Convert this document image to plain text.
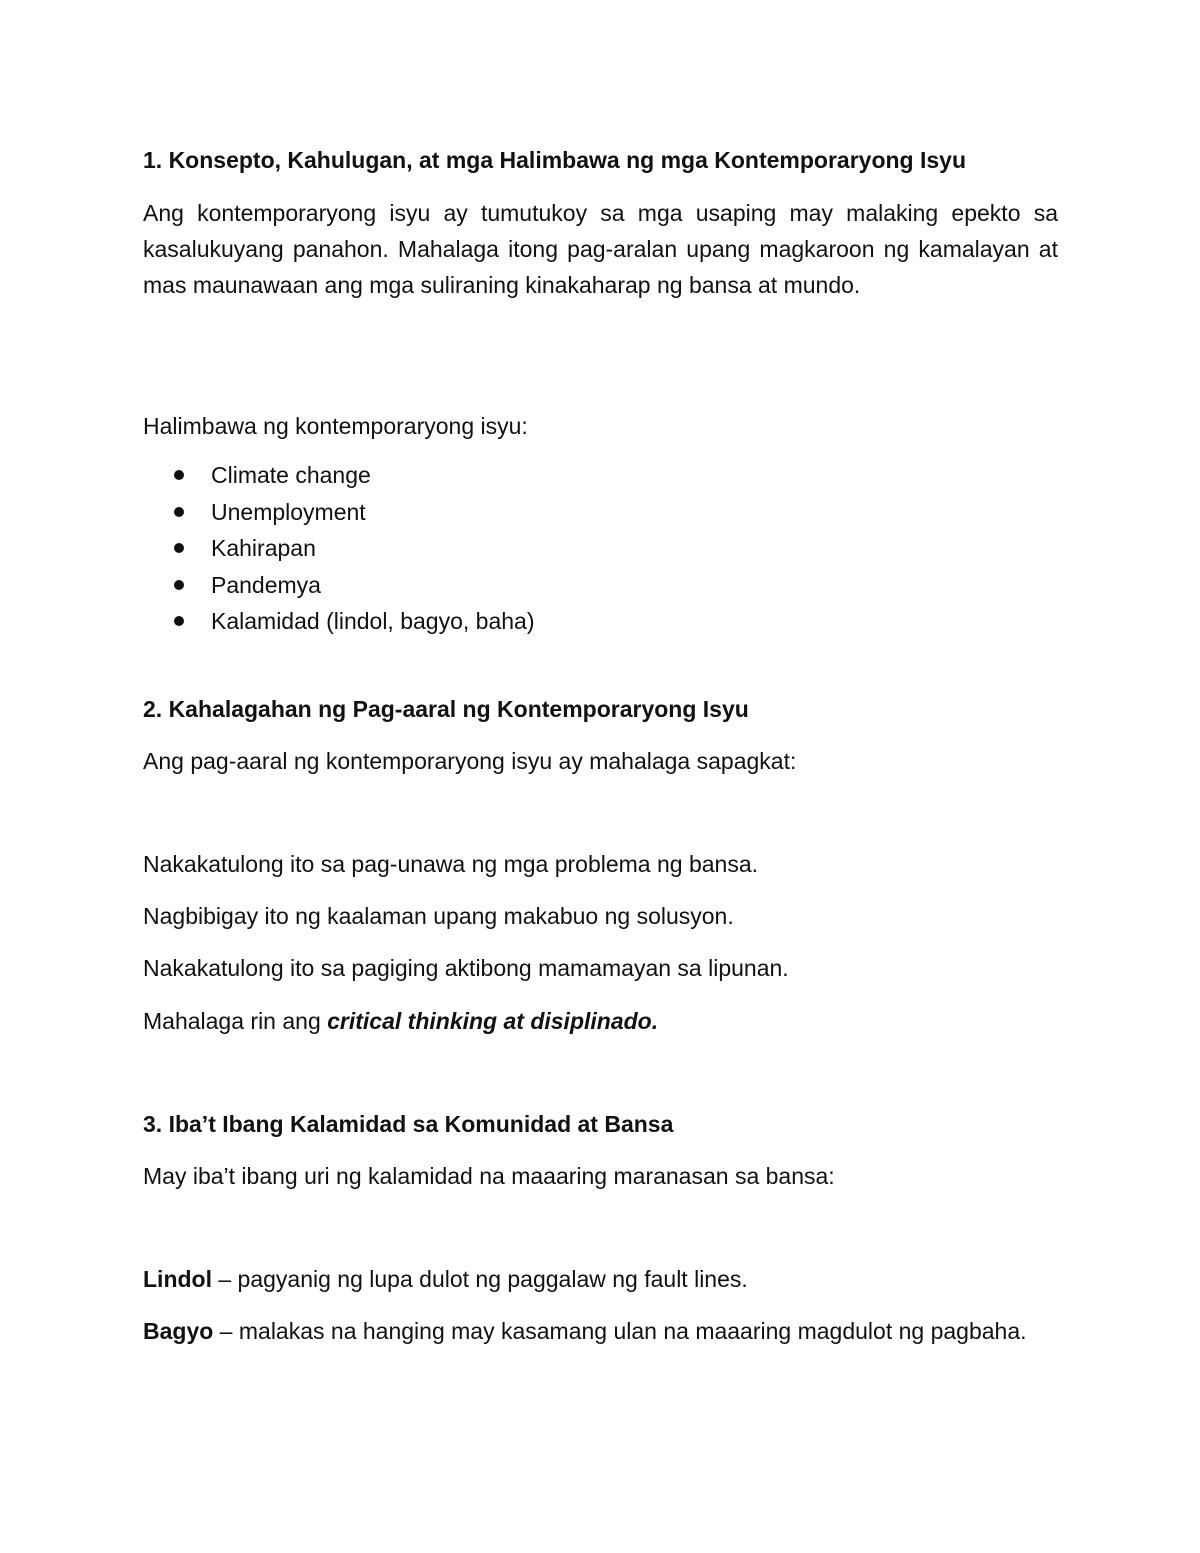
1. Konsepto, Kahulugan, at mga Halimbawa ng mga Kontemporaryong Isyu

Ang kontemporaryong isyu ay tumutukoy sa mga usaping may malaking epekto sa kasalukuyang panahon. Mahalaga itong pag-aralan upang magkaroon ng kamalayan at mas maunawaan ang mga suliraning kinakaharap ng bansa at mundo.

Halimbawa ng kontemporaryong isyu:

Climate change
Unemployment
Kahirapan
Pandemya
Kalamidad (lindol, bagyo, baha)

2. Kahalagahan ng Pag-aaral ng Kontemporaryong Isyu

Ang pag-aaral ng kontemporaryong isyu ay mahalaga sapagkat:

Nakakatulong ito sa pag-unawa ng mga problema ng bansa.

Nagbibigay ito ng kaalaman upang makabuo ng solusyon.

Nakakatulong ito sa pagiging aktibong mamamayan sa lipunan.

Mahalaga rin ang critical thinking at disiplinado.

3. Iba’t Ibang Kalamidad sa Komunidad at Bansa

May iba’t ibang uri ng kalamidad na maaaring maranasan sa bansa:

Lindol – pagyanig ng lupa dulot ng paggalaw ng fault lines.

Bagyo – malakas na hanging may kasamang ulan na maaaring magdulot ng pagbaha.
